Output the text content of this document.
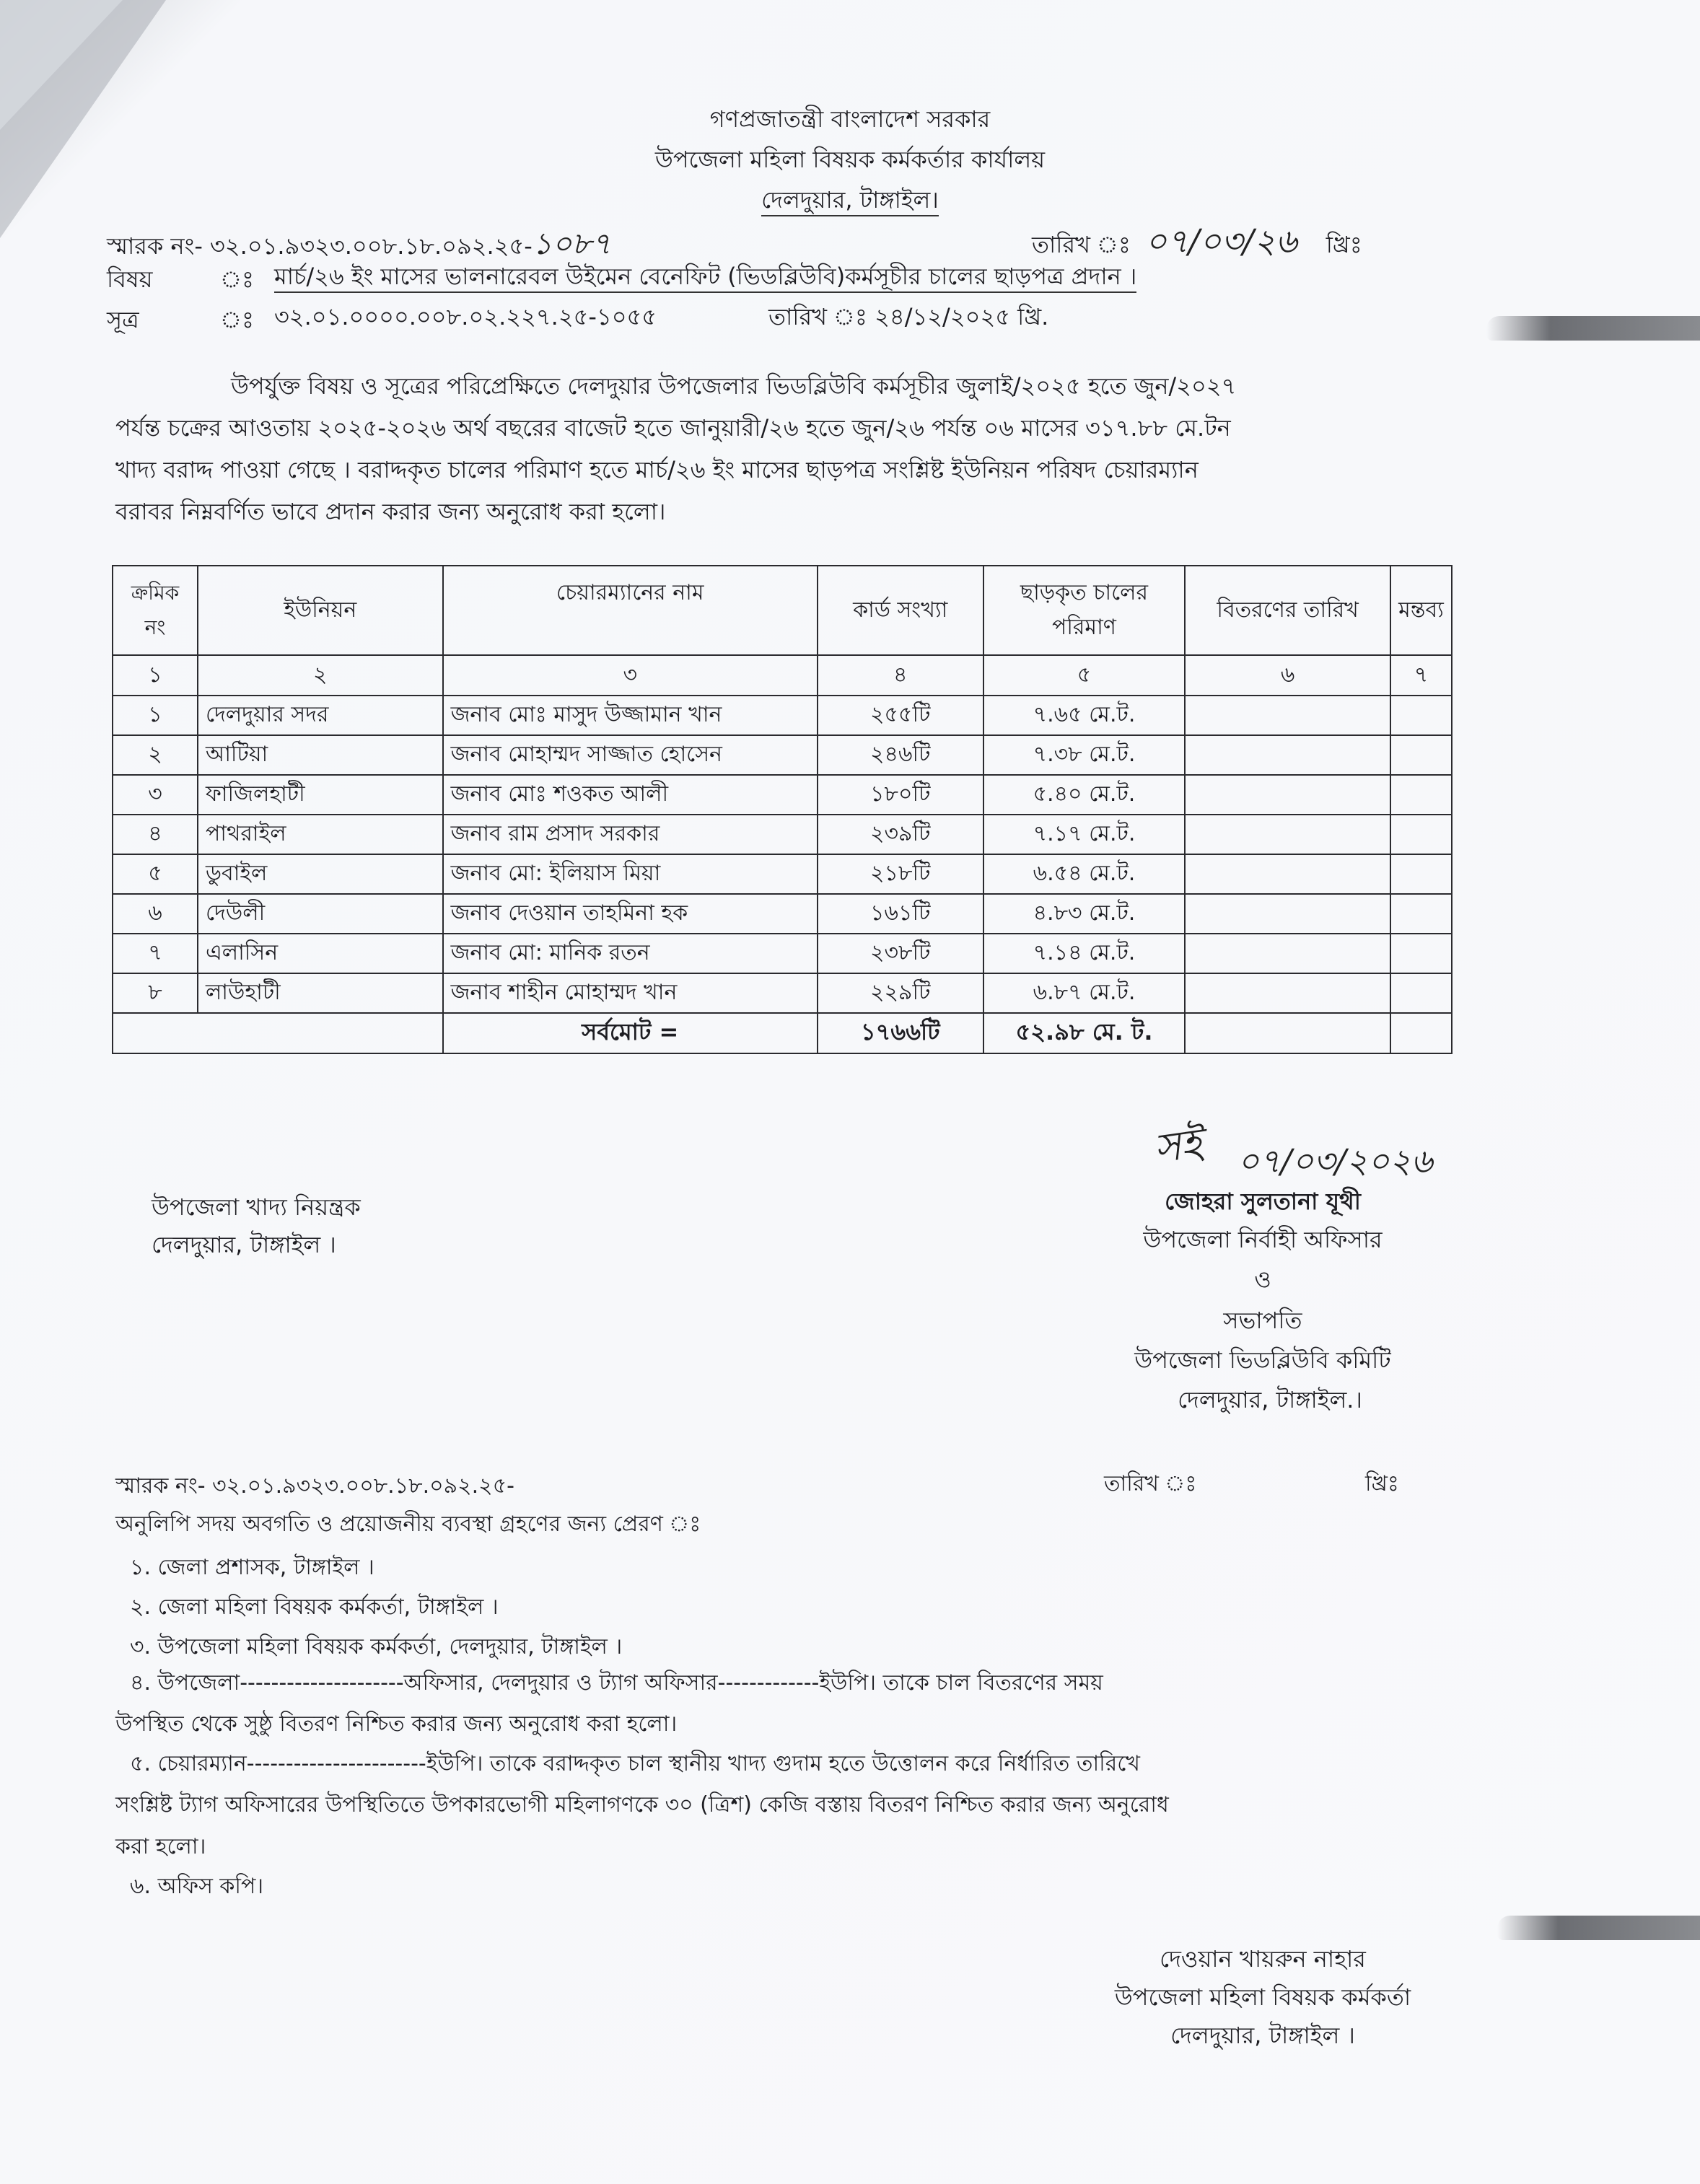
গণপ্রজাতন্ত্রী বাংলাদেশ সরকার
উপজেলা মহিলা বিষয়ক কর্মকর্তার কার্যালয়
দেলদুয়ার, টাঙ্গাইল।
স্মারক নং- ৩২.০১.৯৩২৩.০০৮.১৮.০৯২.২৫-১০৮৭	তারিখ ঃ ০৭/০৩/২৬ খ্রিঃ
বিষয়	ঃ মার্চ/২৬ ইং মাসের ভালনারেবল উইমেন বেনেফিট (ভিডব্লিউবি)কর্মসূচীর চালের ছাড়পত্র প্রদান ।
সূত্র	ঃ ৩২.০১.০০০০.০০৮.০২.২২৭.২৫-১০৫৫	তারিখ ঃ ২৪/১২/২০২৫ খ্রি.
উপর্যুক্ত বিষয় ও সূত্রের পরিপ্রেক্ষিতে দেলদুয়ার উপজেলার ভিডব্লিউবি কর্মসূচীর জুলাই/২০২৫ হতে জুন/২০২৭
পর্যন্ত চক্রের আওতায় ২০২৫-২০২৬ অর্থ বছরের বাজেট হতে জানুয়ারী/২৬ হতে জুন/২৬ পর্যন্ত ০৬ মাসের ৩১৭.৮৮ মে.টন
খাদ্য বরাদ্দ পাওয়া গেছে । বরাদ্দকৃত চালের পরিমাণ হতে মার্চ/২৬ ইং মাসের ছাড়পত্র সংশ্লিষ্ট ইউনিয়ন পরিষদ চেয়ারম্যান
বরাবর নিম্নবর্ণিত ভাবে প্রদান করার জন্য অনুরোধ করা হলো।
ক্রমিক নং	ইউনিয়ন	চেয়ারম্যানের নাম	কার্ড সংখ্যা	ছাড়কৃত চালের পরিমাণ	বিতরণের তারিখ	মন্তব্য
১	২	৩	৪	৫	৬	৭
১	দেলদুয়ার সদর	জনাব মোঃ মাসুদ উজ্জামান খান	২৫৫টি	৭.৬৫ মে.ট.		
২	আটিয়া	জনাব মোহাম্মদ সাজ্জাত হোসেন	২৪৬টি	৭.৩৮ মে.ট.		
৩	ফাজিলহাটী	জনাব মোঃ শওকত আলী	১৮০টি	৫.৪০ মে.ট.		
৪	পাথরাইল	জনাব রাম প্রসাদ সরকার	২৩৯টি	৭.১৭ মে.ট.		
৫	ডুবাইল	জনাব মো: ইলিয়াস মিয়া	২১৮টি	৬.৫৪ মে.ট.		
৬	দেউলী	জনাব দেওয়ান তাহমিনা হক	১৬১টি	৪.৮৩ মে.ট.		
৭	এলাসিন	জনাব মো: মানিক রতন	২৩৮টি	৭.১৪ মে.ট.		
৮	লাউহাটী	জনাব শাহীন মোহাম্মদ খান	২২৯টি	৬.৮৭ মে.ট.		
		সর্বমোট =	১৭৬৬টি	৫২.৯৮ মে. ট.		
সই ০৭/০৩/২০২৬
জোহরা সুলতানা যূথী
উপজেলা নির্বাহী অফিসার
ও
সভাপতি
উপজেলা ভিডব্লিউবি কমিটি
দেলদুয়ার, টাঙ্গাইল.।
উপজেলা খাদ্য নিয়ন্ত্রক
দেলদুয়ার, টাঙ্গাইল ।
স্মারক নং- ৩২.০১.৯৩২৩.০০৮.১৮.০৯২.২৫-	তারিখ ঃ	খ্রিঃ
অনুলিপি সদয় অবগতি ও প্রয়োজনীয় ব্যবস্থা গ্রহণের জন্য প্রেরণ ঃ
১. জেলা প্রশাসক, টাঙ্গাইল ।
২. জেলা মহিলা বিষয়ক কর্মকর্তা, টাঙ্গাইল ।
৩. উপজেলা মহিলা বিষয়ক কর্মকর্তা, দেলদুয়ার, টাঙ্গাইল ।
৪. উপজেলা---------------------অফিসার, দেলদুয়ার ও ট্যাগ অফিসার-------------ইউপি। তাকে চাল বিতরণের সময়
উপস্থিত থেকে সুষ্ঠু বিতরণ নিশ্চিত করার জন্য অনুরোধ করা হলো।
৫. চেয়ারম্যান-----------------------ইউপি। তাকে বরাদ্দকৃত চাল স্থানীয় খাদ্য গুদাম হতে উত্তোলন করে নির্ধারিত তারিখে
সংশ্লিষ্ট ট্যাগ অফিসারের উপস্থিতিতে উপকারভোগী মহিলাগণকে ৩০ (ত্রিশ) কেজি বস্তায় বিতরণ নিশ্চিত করার জন্য অনুরোধ
করা হলো।
৬. অফিস কপি।
দেওয়ান খায়রুন নাহার
উপজেলা মহিলা বিষয়ক কর্মকর্তা
দেলদুয়ার, টাঙ্গাইল ।
